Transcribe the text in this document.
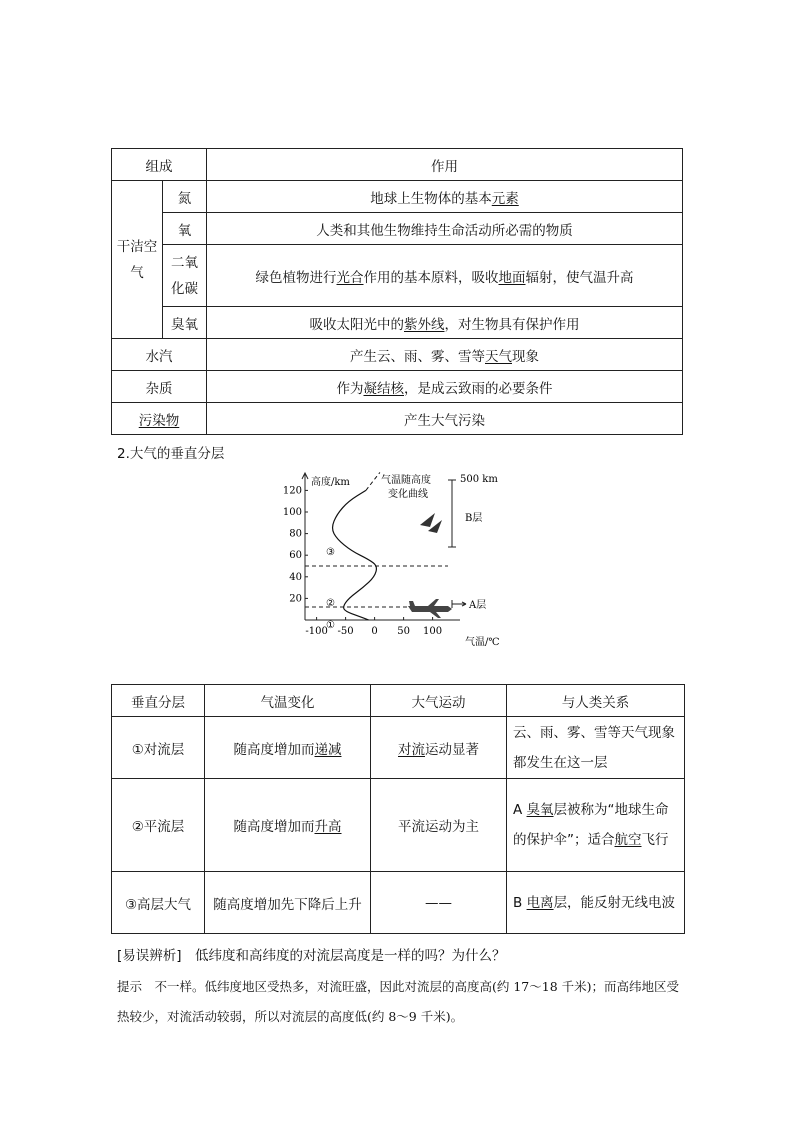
组成		作用
干洁空气	氮	地球上生物体的基本元素
	氧	人类和其他生物维持生命活动所必需的物质
	二氧化碳	绿色植物进行光合作用的基本原料，吸收地面辐射，使气温升高
	臭氧	吸收太阳光中的紫外线，对生物具有保护作用
水汽		产生云、雨、雾、雪等天气现象
杂质		作为凝结核，是成云致雨的必要条件
污染物		产生大气污染
2.大气的垂直分层
20
40
60
80
100
120
-100 -50 0 50 100
高度/km
气温/℃
气温随高度
变化曲线
500 km
B层
A层
①
②
③
垂直分层	气温变化	大气运动	与人类关系
①对流层	随高度增加而递减	对流运动显著	云、雨、雾、雪等天气现象都发生在这一层
②平流层	随高度增加而升高	平流运动为主	A 臭氧层被称为“地球生命的保护伞”；适合航空飞行
③高层大气	随高度增加先下降后上升	——	B 电离层，能反射无线电波
[易误辨析]　低纬度和高纬度的对流层高度是一样的吗？为什么？
提示　不一样。低纬度地区受热多，对流旺盛，因此对流层的高度高(约 17～18 千米)；而高纬地区受热较少，对流活动较弱，所以对流层的高度低(约 8～9 千米)。
